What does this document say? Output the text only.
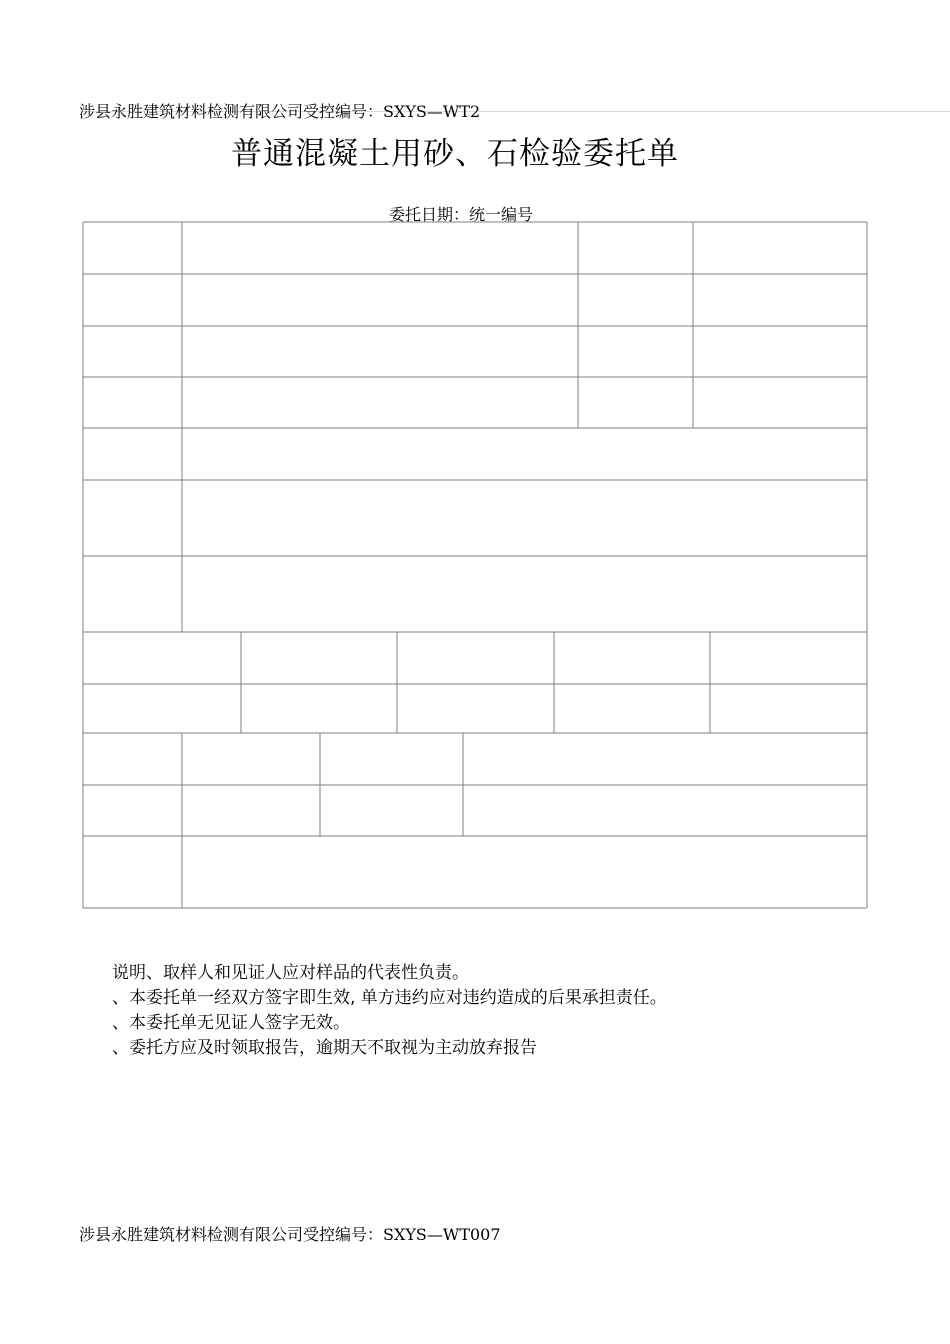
涉县永胜建筑材料检测有限公司受控编号：SXYS—WT2
普通混凝土用砂、石检验委托单
委托日期：统一编号
说明、取样人和见证人应对样品的代表性负责。
、本委托单一经双方签字即生效, 单方违约应对违约造成的后果承担责任。
、本委托单无见证人签字无效。
、委托方应及时领取报告，逾期天不取视为主动放弃报告
涉县永胜建筑材料检测有限公司受控编号：SXYS—WT007
